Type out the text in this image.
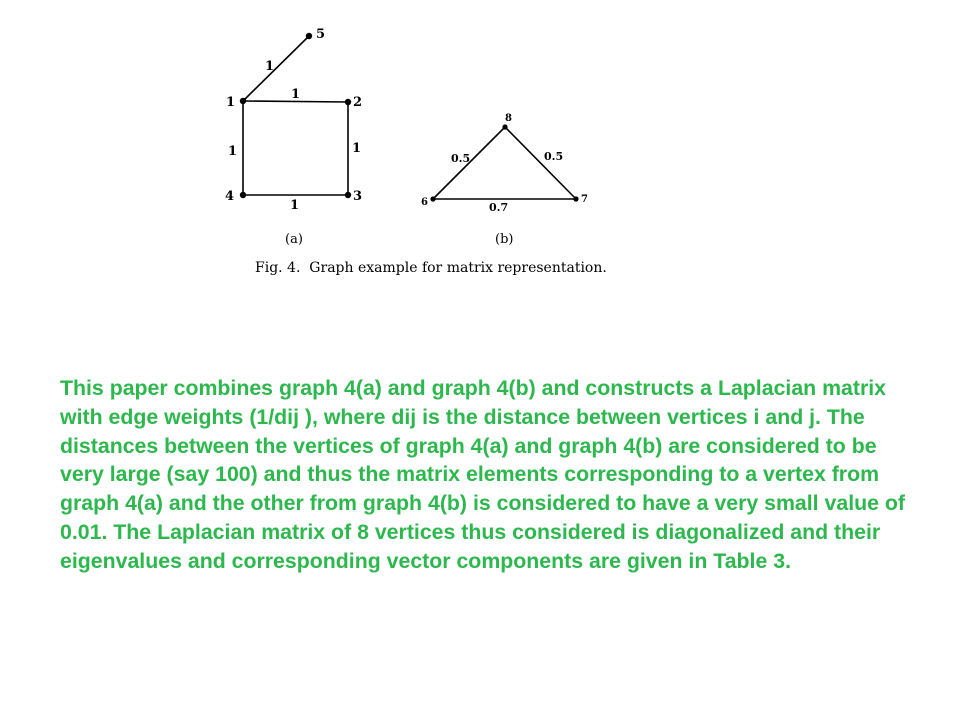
5
1	2
4	3
1
1
1	1
1
(a)
8
6	7
0.5	0.5
0.7
(b)
Fig. 4.  Graph example for matrix representation.

This paper combines graph 4(a) and graph 4(b) and constructs a Laplacian matrix with edge weights (1/dij ), where dij is the distance between vertices i and j. The distances between the vertices of graph 4(a) and graph 4(b) are considered to be very large (say 100) and thus the matrix elements corresponding to a vertex from graph 4(a) and the other from graph 4(b) is considered to have a very small value of 0.01. The Laplacian matrix of 8 vertices thus considered is diagonalized and their eigenvalues and corresponding vector components are given in Table 3.
